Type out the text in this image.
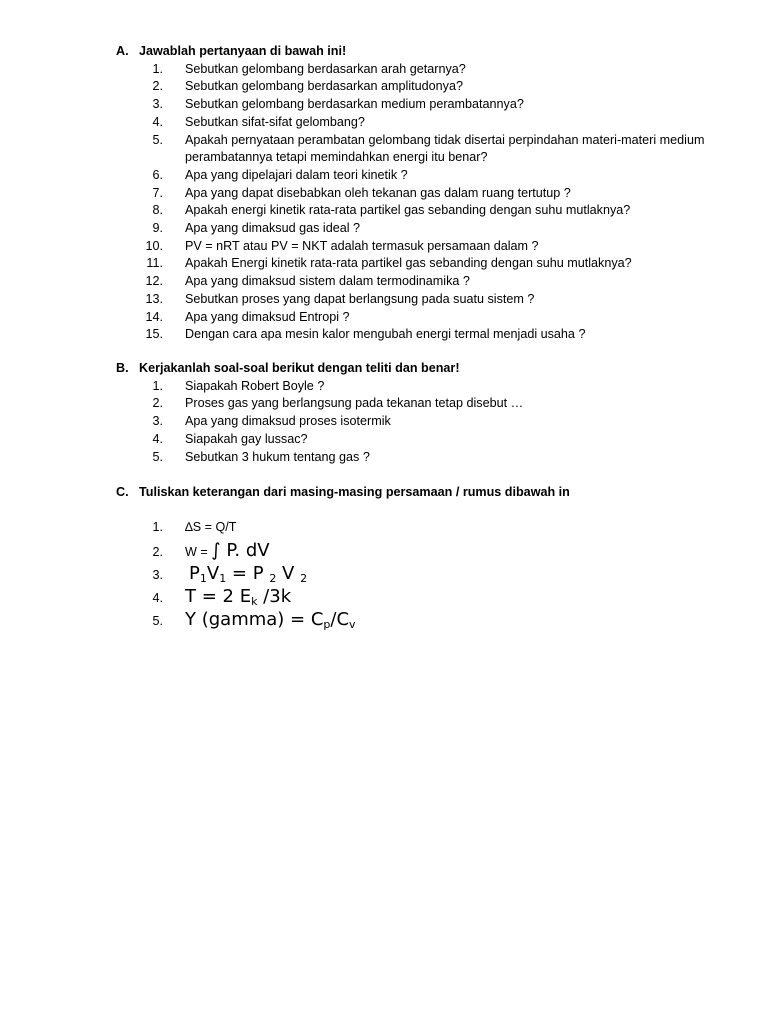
A. Jawablah pertanyaan di bawah ini!
1.	Sebutkan gelombang berdasarkan arah getarnya?
2.	Sebutkan gelombang berdasarkan amplitudonya?
3.	Sebutkan gelombang berdasarkan medium perambatannya?
4.	Sebutkan sifat-sifat gelombang?
5.	Apakah pernyataan perambatan gelombang tidak disertai perpindahan materi-materi medium perambatannya tetapi memindahkan energi itu benar?
6.	Apa yang dipelajari dalam teori kinetik ?
7.	Apa yang dapat disebabkan oleh tekanan gas dalam ruang tertutup ?
8.	Apakah energi kinetik rata-rata partikel gas sebanding dengan suhu mutlaknya?
9.	Apa yang dimaksud gas ideal ?
10.	PV = nRT atau PV = NKT adalah termasuk persamaan dalam ?
11.	Apakah Energi kinetik rata-rata partikel gas sebanding dengan suhu mutlaknya?
12.	Apa yang dimaksud sistem dalam termodinamika ?
13.	Sebutkan proses yang dapat berlangsung pada suatu sistem ?
14.	Apa yang dimaksud Entropi ?
15.	Dengan cara apa mesin kalor mengubah energi termal menjadi usaha ?
B. Kerjakanlah soal-soal berikut dengan teliti dan benar!
1.	Siapakah Robert Boyle ?
2.	Proses gas yang berlangsung pada tekanan tetap disebut …
3.	Apa yang dimaksud proses isotermik
4.	Siapakah gay lussac?
5.	Sebutkan 3 hukum tentang gas ?
C. Tuliskan keterangan dari masing-masing persamaan / rumus dibawah in
1.	∆S = Q/T
2.	W = ∫ P. dV
3.	$P_1V_1 = P$ $_2$ V $_2$
4.	T = 2 $E_k$ /3k
5.	Y (gamma) = $C_p/C_v$
